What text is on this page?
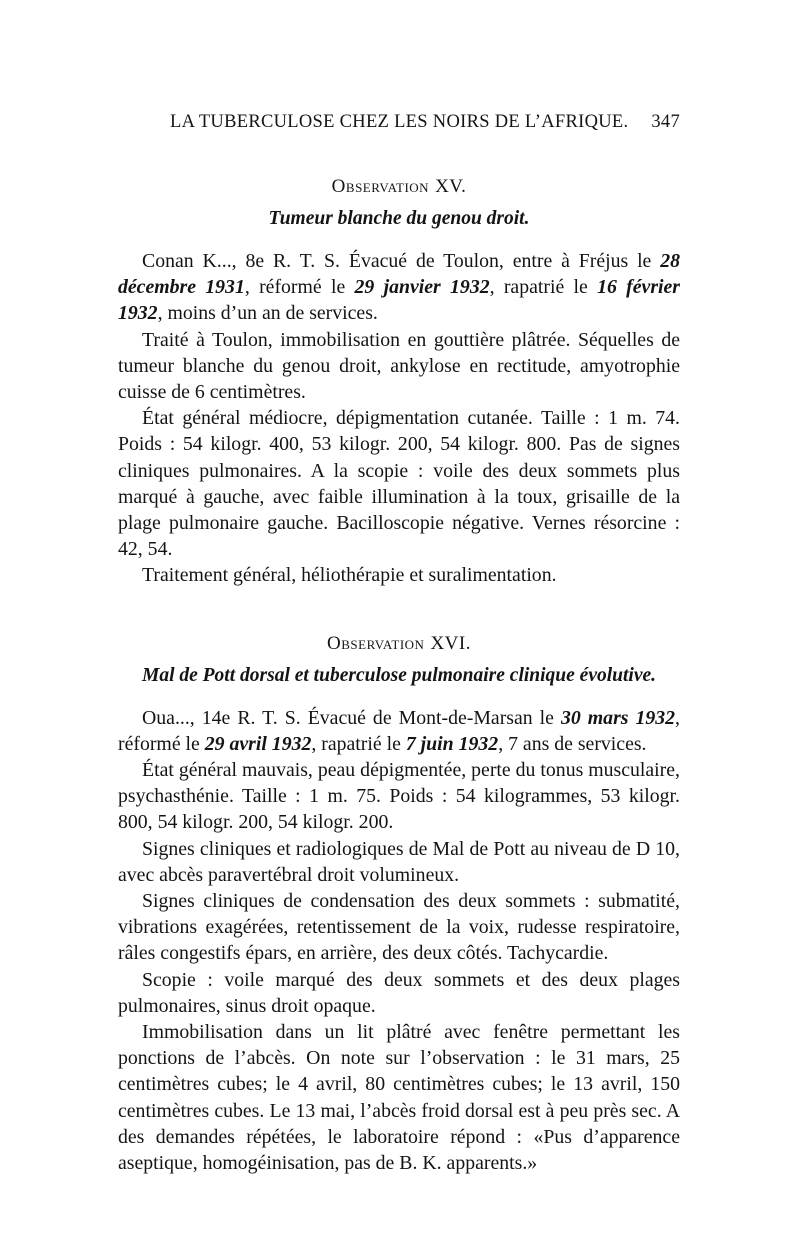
LA TUBERCULOSE CHEZ LES NOIRS DE L’AFRIQUE. 347
Observation XV.
Tumeur blanche du genou droit.

Conan K..., 8e R. T. S. Évacué de Toulon, entre à Fréjus le 28 décembre 1931, réformé le 29 janvier 1932, rapatrié le 16 février 1932, moins d’un an de services.

Traité à Toulon, immobilisation en gouttière plâtrée. Séquelles de tumeur blanche du genou droit, ankylose en rectitude, amyotrophie cuisse de 6 centimètres.

État général médiocre, dépigmentation cutanée. Taille : 1 m. 74. Poids : 54 kilogr. 400, 53 kilogr. 200, 54 kilogr. 800. Pas de signes cliniques pulmonaires. A la scopie : voile des deux sommets plus marqué à gauche, avec faible illumination à la toux, grisaille de la plage pulmonaire gauche. Bacilloscopie négative. Vernes résorcine : 42, 54.

Traitement général, héliothérapie et suralimentation.

Observation XVI.
Mal de Pott dorsal et tuberculose pulmonaire clinique évolutive.

Oua..., 14e R. T. S. Évacué de Mont-de-Marsan le 30 mars 1932, réformé le 29 avril 1932, rapatrié le 7 juin 1932, 7 ans de services.

État général mauvais, peau dépigmentée, perte du tonus musculaire, psychasthénie. Taille : 1 m. 75. Poids : 54 kilogrammes, 53 kilogr. 800, 54 kilogr. 200, 54 kilogr. 200.

Signes cliniques et radiologiques de Mal de Pott au niveau de D 10, avec abcès paravertébral droit volumineux.

Signes cliniques de condensation des deux sommets : submatité, vibrations exagérées, retentissement de la voix, rudesse respiratoire, râles congestifs épars, en arrière, des deux côtés. Tachycardie.

Scopie : voile marqué des deux sommets et des deux plages pulmonaires, sinus droit opaque.

Immobilisation dans un lit plâtré avec fenêtre permettant les ponctions de l’abcès. On note sur l’observation : le 31 mars, 25 centimètres cubes; le 4 avril, 80 centimètres cubes; le 13 avril, 150 centimètres cubes. Le 13 mai, l’abcès froid dorsal est à peu près sec. A des demandes répétées, le laboratoire répond : «Pus d’apparence aseptique, homogéinisation, pas de B. K. apparents.»
